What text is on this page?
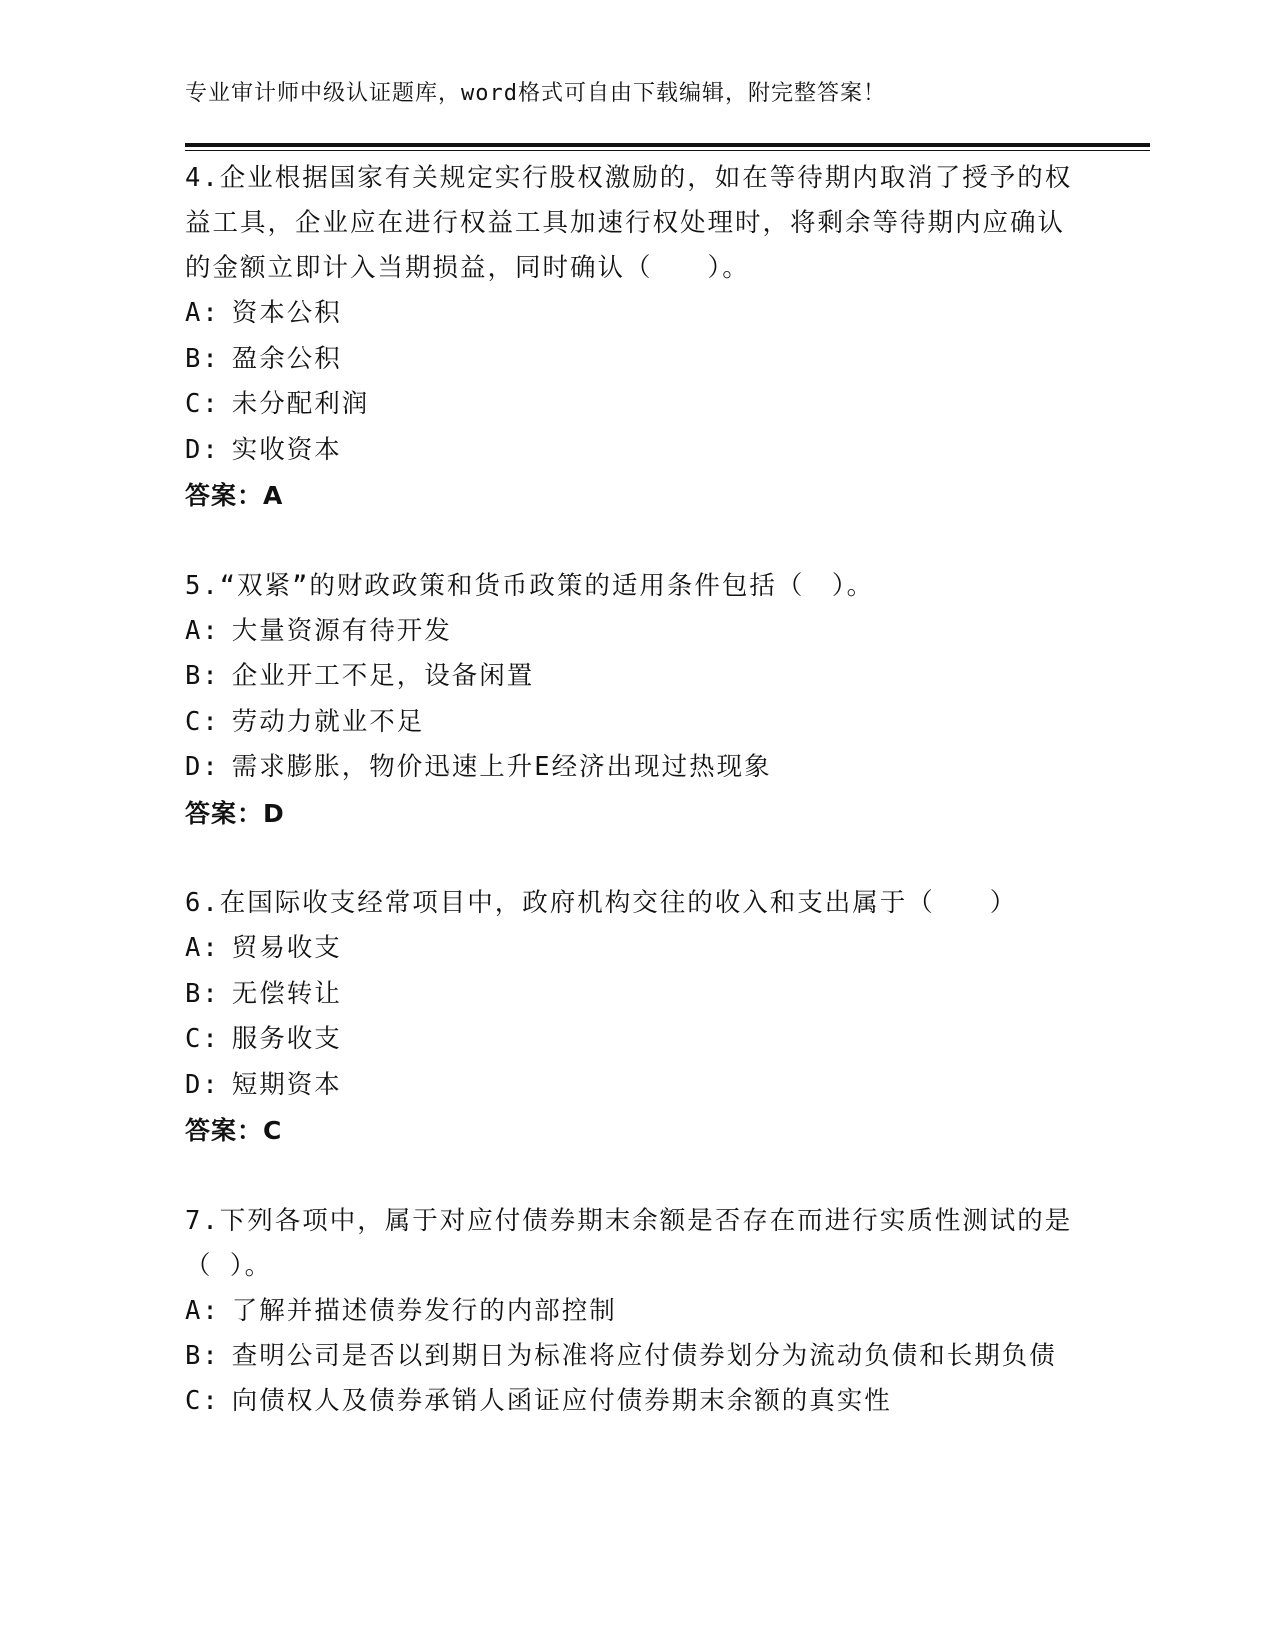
专业审计师中级认证题库，word格式可自由下载编辑，附完整答案！
4.企业根据国家有关规定实行股权激励的，如在等待期内取消了授予的权益工具，企业应在进行权益工具加速行权处理时，将剩余等待期内应确认的金额立即计入当期损益，同时确认（　　）。
A: 资本公积
B: 盈余公积
C: 未分配利润
D: 实收资本
答案：A
5.“双紧”的财政政策和货币政策的适用条件包括（　）。
A: 大量资源有待开发
B: 企业开工不足，设备闲置
C: 劳动力就业不足
D: 需求膨胀，物价迅速上升E经济出现过热现象
答案：D
6.在国际收支经常项目中，政府机构交往的收入和支出属于（　　）
A: 贸易收支
B: 无偿转让
C: 服务收支
D: 短期资本
答案：C
7.下列各项中，属于对应付债券期末余额是否存在而进行实质性测试的是（ ）。
A: 了解并描述债券发行的内部控制
B: 查明公司是否以到期日为标准将应付债券划分为流动负债和长期负债
C: 向债权人及债券承销人函证应付债券期末余额的真实性
